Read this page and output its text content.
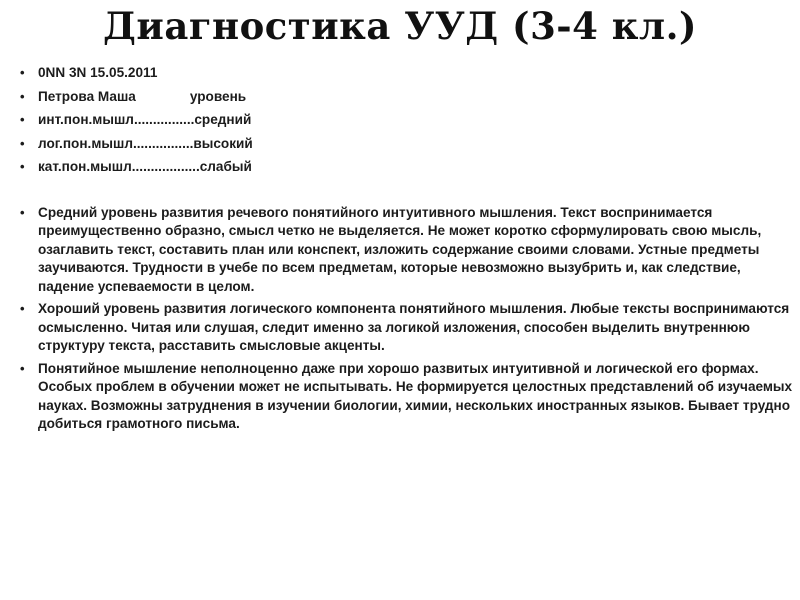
Диагностика УУД (3-4 кл.)
• 0NN 3N 15.05.2011
• Петрова Маша	уровень
• инт.пон.мышл................средний
• лог.пон.мышл................высокий
• кат.пон.мышл..................слабый
• Средний уровень развития речевого понятийного интуитивного мышления. Текст воспринимается преимущественно образно, смысл четко не выделяется. Не может коротко сформулировать свою мысль, озаглавить текст, составить план или конспект, изложить содержание своими словами. Устные предметы заучиваются. Трудности в учебе по всем предметам, которые невозможно вызубрить и, как следствие, падение успеваемости в целом.
• Хороший уровень развития логического компонента понятийного мышления. Любые тексты воспринимаются осмысленно. Читая или слушая, следит именно за логикой изложения, способен выделить внутреннюю структуру текста, расставить смысловые акценты.
• Понятийное мышление неполноценно даже при хорошо развитых интуитивной и логической его формах. Особых проблем в обучении может не испытывать. Не формируется целостных представлений об изучаемых науках. Возможны затруднения в изучении биологии, химии, нескольких иностранных языков. Бывает трудно добиться грамотного письма.
